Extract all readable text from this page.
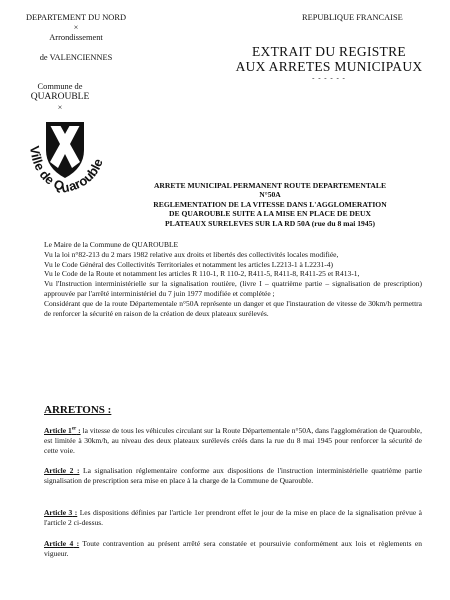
DEPARTEMENT DU NORD
×
Arrondissement
de VALENCIENNES
Commune de
QUAROUBLE
×
REPUBLIQUE FRANCAISE
EXTRAIT DU REGISTRE
AUX ARRETES MUNICIPAUX
- - - - - -
Ville de Quarouble
ARRETE MUNICIPAL PERMANENT ROUTE DEPARTEMENTALE
N°50A
REGLEMENTATION DE LA VITESSE DANS L'AGGLOMERATION
DE QUAROUBLE SUITE A LA MISE EN PLACE DE DEUX
PLATEAUX SURELEVES SUR LA RD 50A (rue du 8 mai 1945)

Le Maire de la Commune de QUAROUBLE

Vu la loi n°82-213 du 2 mars 1982 relative aux droits et libertés des collectivités locales modifiée,

Vu le Code Général des Collectivités Territoriales et notamment les articles L2213-1 à L2231-4)

Vu le Code de la Route et notamment les articles R 110-1, R 110-2, R411-5, R411-8, R411-25 et R413-1,

Vu l'Instruction interministérielle sur la signalisation routière, (livre I – quatrième partie – signalisation de prescription) approuvée par l'arrêté interministériel du 7 juin 1977 modifiée et complétée ;

Considérant que de la route Départementale n°50A représente un danger et que l'instauration de vitesse de 30km/h permettra de renforcer la sécurité en raison de la création de deux plateaux surélevés.

ARRETONS :
Article 1er : la vitesse de tous les véhicules circulant sur la Route Départementale n°50A, dans l'agglomération de Quarouble, est limitée à 30km/h, au niveau des deux plateaux surélevés créés dans la rue du 8 mai 1945 pour renforcer la sécurité de cette voie.
Article 2 : La signalisation réglementaire conforme aux dispositions de l'instruction interministérielle quatrième partie signalisation de prescription sera mise en place à la charge de la Commune de Quarouble.
Article 3 : Les dispositions définies par l'article 1er prendront effet le jour de la mise en place de la signalisation prévue à l'article 2 ci-dessus.
Article 4 : Toute contravention au présent arrêté sera constatée et poursuivie conformément aux lois et règlements en vigueur.
